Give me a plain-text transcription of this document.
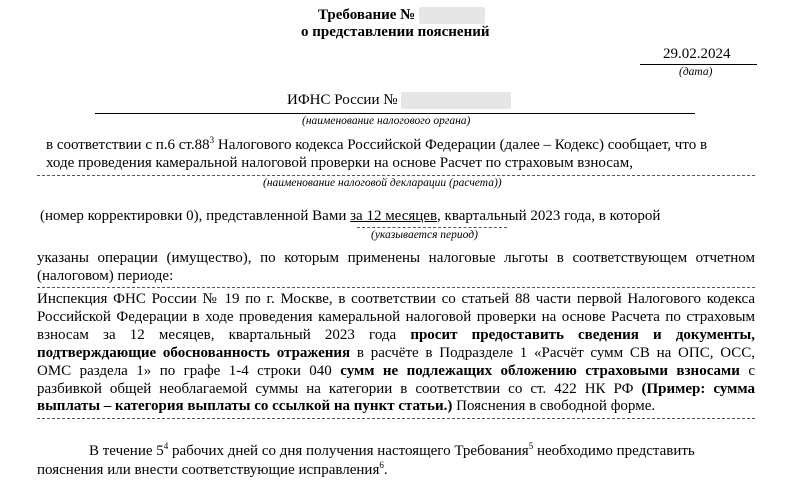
Требование №
о представлении пояснений
29.02.2024
(дата)
ИФНС России №
(наименование налогового органа)
в соответствии с п.6 $ст.88^3$ Налогового кодекса Российской Федерации (далее – Кодекс) сообщает, что в
ходе проведения камеральной налоговой проверки на основе Расчет по страховым взносам,
(наименование налоговой декларации (расчета))
(номер корректировки 0), представленной Вами за 12 месяцев, квартальный 2023 года, в которой
(указывается период)
указаны операции (имущество), по которым применены налоговые льготы в соответствующем отчетном
(налоговом) периоде:
Инспекция ФНС России № 19 по г. Москве, в соответствии со статьей 88 части первой Налогового кодекса
Российской Федерации в ходе проведения камеральной налоговой проверки на основе Расчета по страховым
взносам за 12 месяцев, квартальный 2023 года просит предоставить сведения и документы,
подтверждающие обоснованность отражения в расчёте в Подразделе 1 «Расчёт сумм СВ на ОПС, ОСС,
ОМС раздела 1» по графе 1-4 строки 040 сумм не подлежащих обложению страховыми взносами с
разбивкой общей необлагаемой суммы на категории в соответствии со ст. 422 НК РФ (Пример: сумма
выплаты – категория выплаты со ссылкой на пункт статьи.) Пояснения в свободной форме.
В течение $5^4$ рабочих дней со дня получения настоящего Требования$^5$ необходимо представить
пояснения или внести соответствующие исправления$^6$.
